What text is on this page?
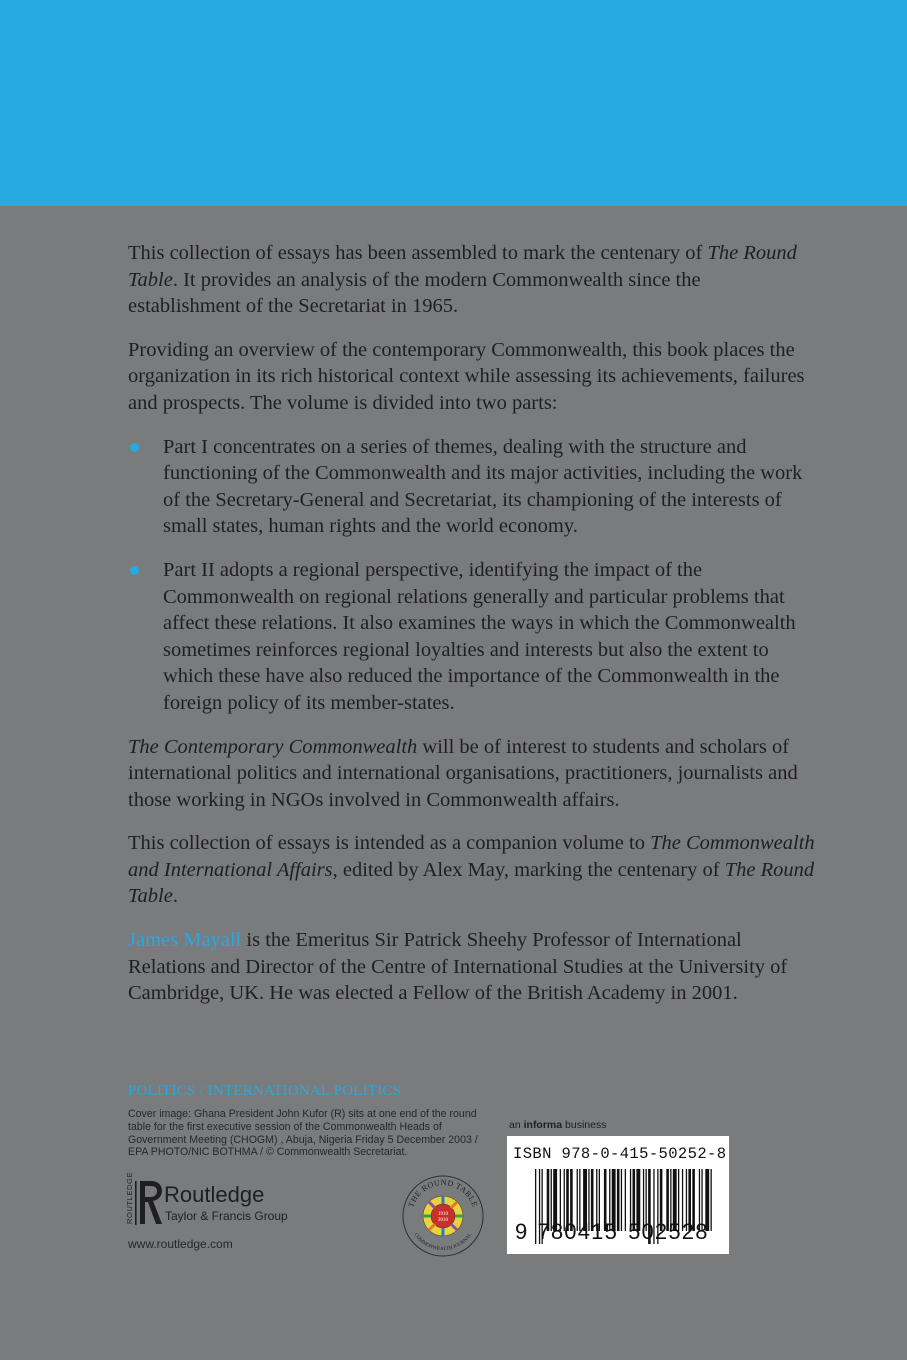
This collection of essays has been assembled to mark the centenary of The Round Table. It provides an analysis of the modern Commonwealth since the establishment of the Secretariat in 1965.

Providing an overview of the contemporary Commonwealth, this book places the organization in its rich historical context while assessing its achievements, failures and prospects. The volume is divided into two parts:

Part I concentrates on a series of themes, dealing with the structure and functioning of the Commonwealth and its major activities, including the work of the Secretary-General and Secretariat, its championing of the interests of small states, human rights and the world economy.
Part II adopts a regional perspective, identifying the impact of the Commonwealth on regional relations generally and particular problems that affect these relations. It also examines the ways in which the Commonwealth sometimes reinforces regional loyalties and interests but also the extent to which these have also reduced the importance of the Commonwealth in the foreign policy of its member-states.

The Contemporary Commonwealth will be of interest to students and scholars of international politics and international organisations, practitioners, journalists and those working in NGOs involved in Commonwealth affairs.

This collection of essays is intended as a companion volume to The Commonwealth and International Affairs, edited by Alex May, marking the centenary of The Round Table.

James Mayall is the Emeritus Sir Patrick Sheehy Professor of International Relations and Director of the Centre of International Studies at the University of Cambridge, UK. He was elected a Fellow of the British Academy in 2001.

POLITICS / INTERNATIONAL POLITICS
Cover image: Ghana President John Kufor (R) sits at one end of the round table for the first executive session of the Commonwealth Heads of Government Meeting (CHOGM) , Abuja, Nigeria Friday 5 December 2003 / EPA PHOTO/NIC BOTHMA / © Commonwealth Secretariat.
ROUTLEDGE Routledge
Taylor & Francis Group
www.routledge.com
1910
2010
THE ROUND TABLE
COMMONWEALTH JOURNAL
an informa business
ISBN 978-0-415-50252-8
9 780415 502528
